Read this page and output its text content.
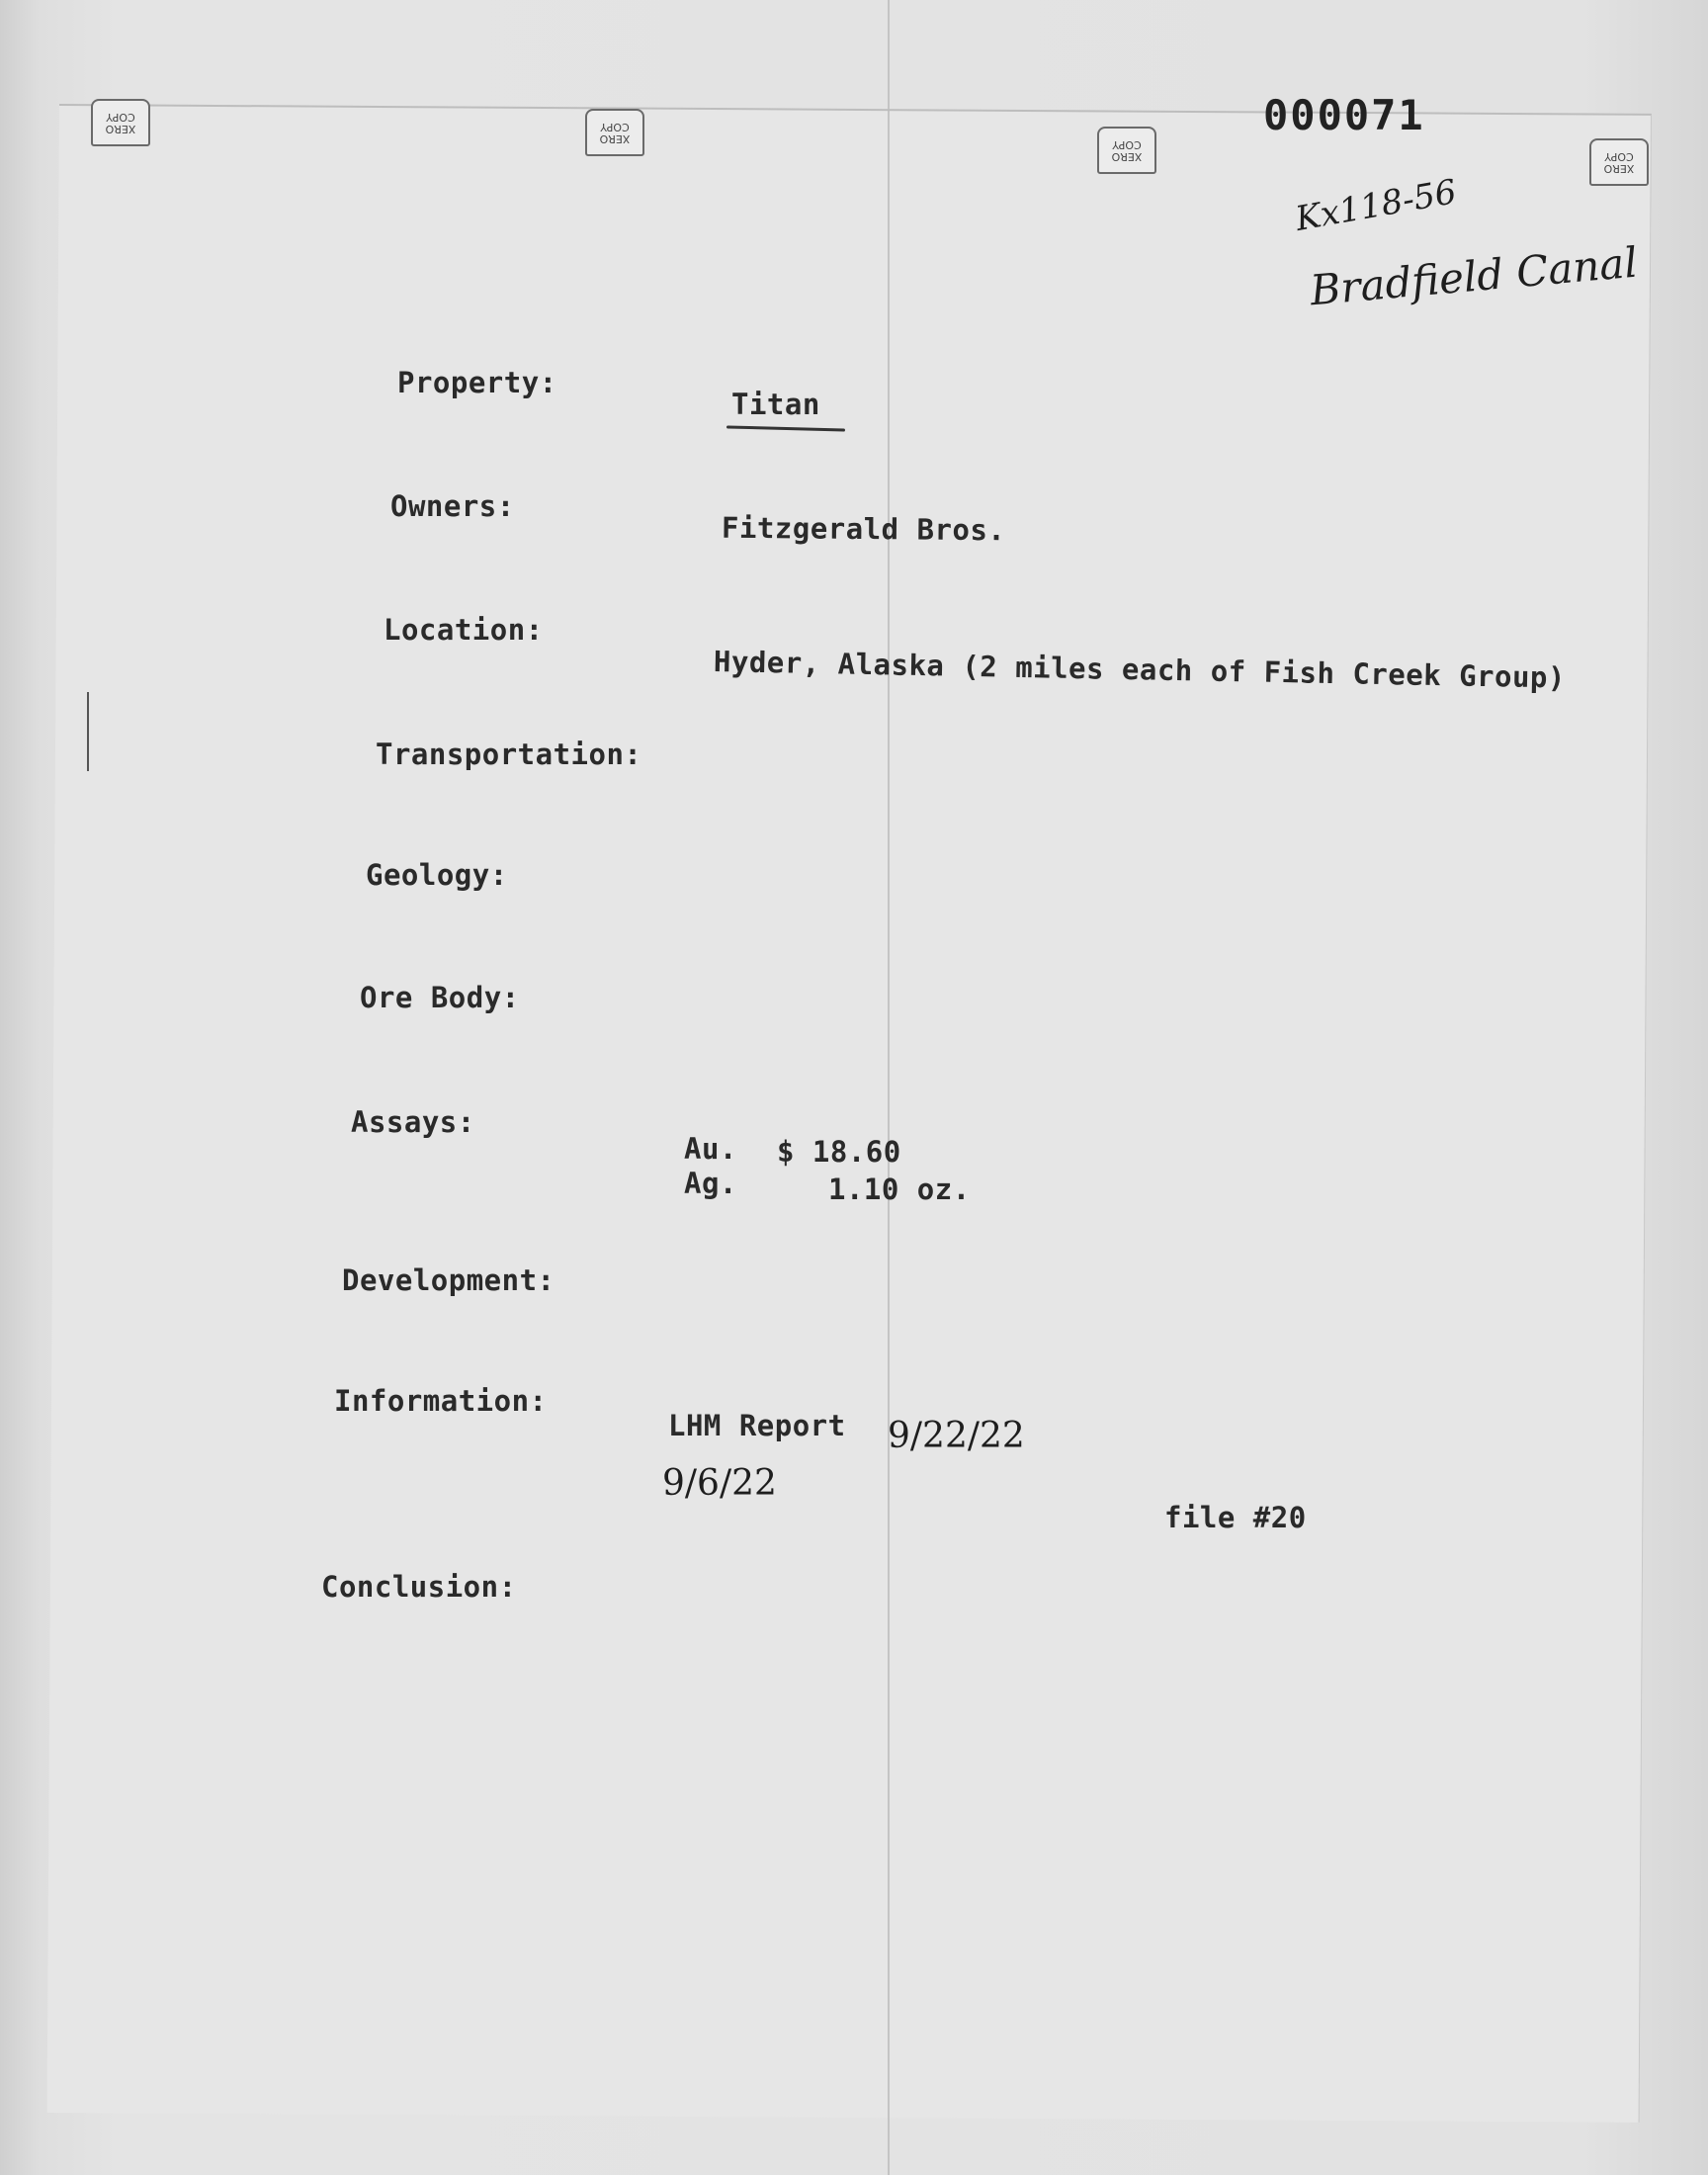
XERO
COPY
XERO
COPY
XERO
COPY
XERO
COPY
000071
Kx118-56
Bradfield Canal
Property:
Titan
Owners:
Fitzgerald Bros.
Location:
Hyder, Alaska (2 miles each of Fish Creek Group)
Transportation:
Geology:
Ore Body:
Assays:
Au. $ 18.60
Ag.	1.10 oz.
Development:
Information:
LHM Report 9/22/22
9/6/22
file #20
Conclusion:
